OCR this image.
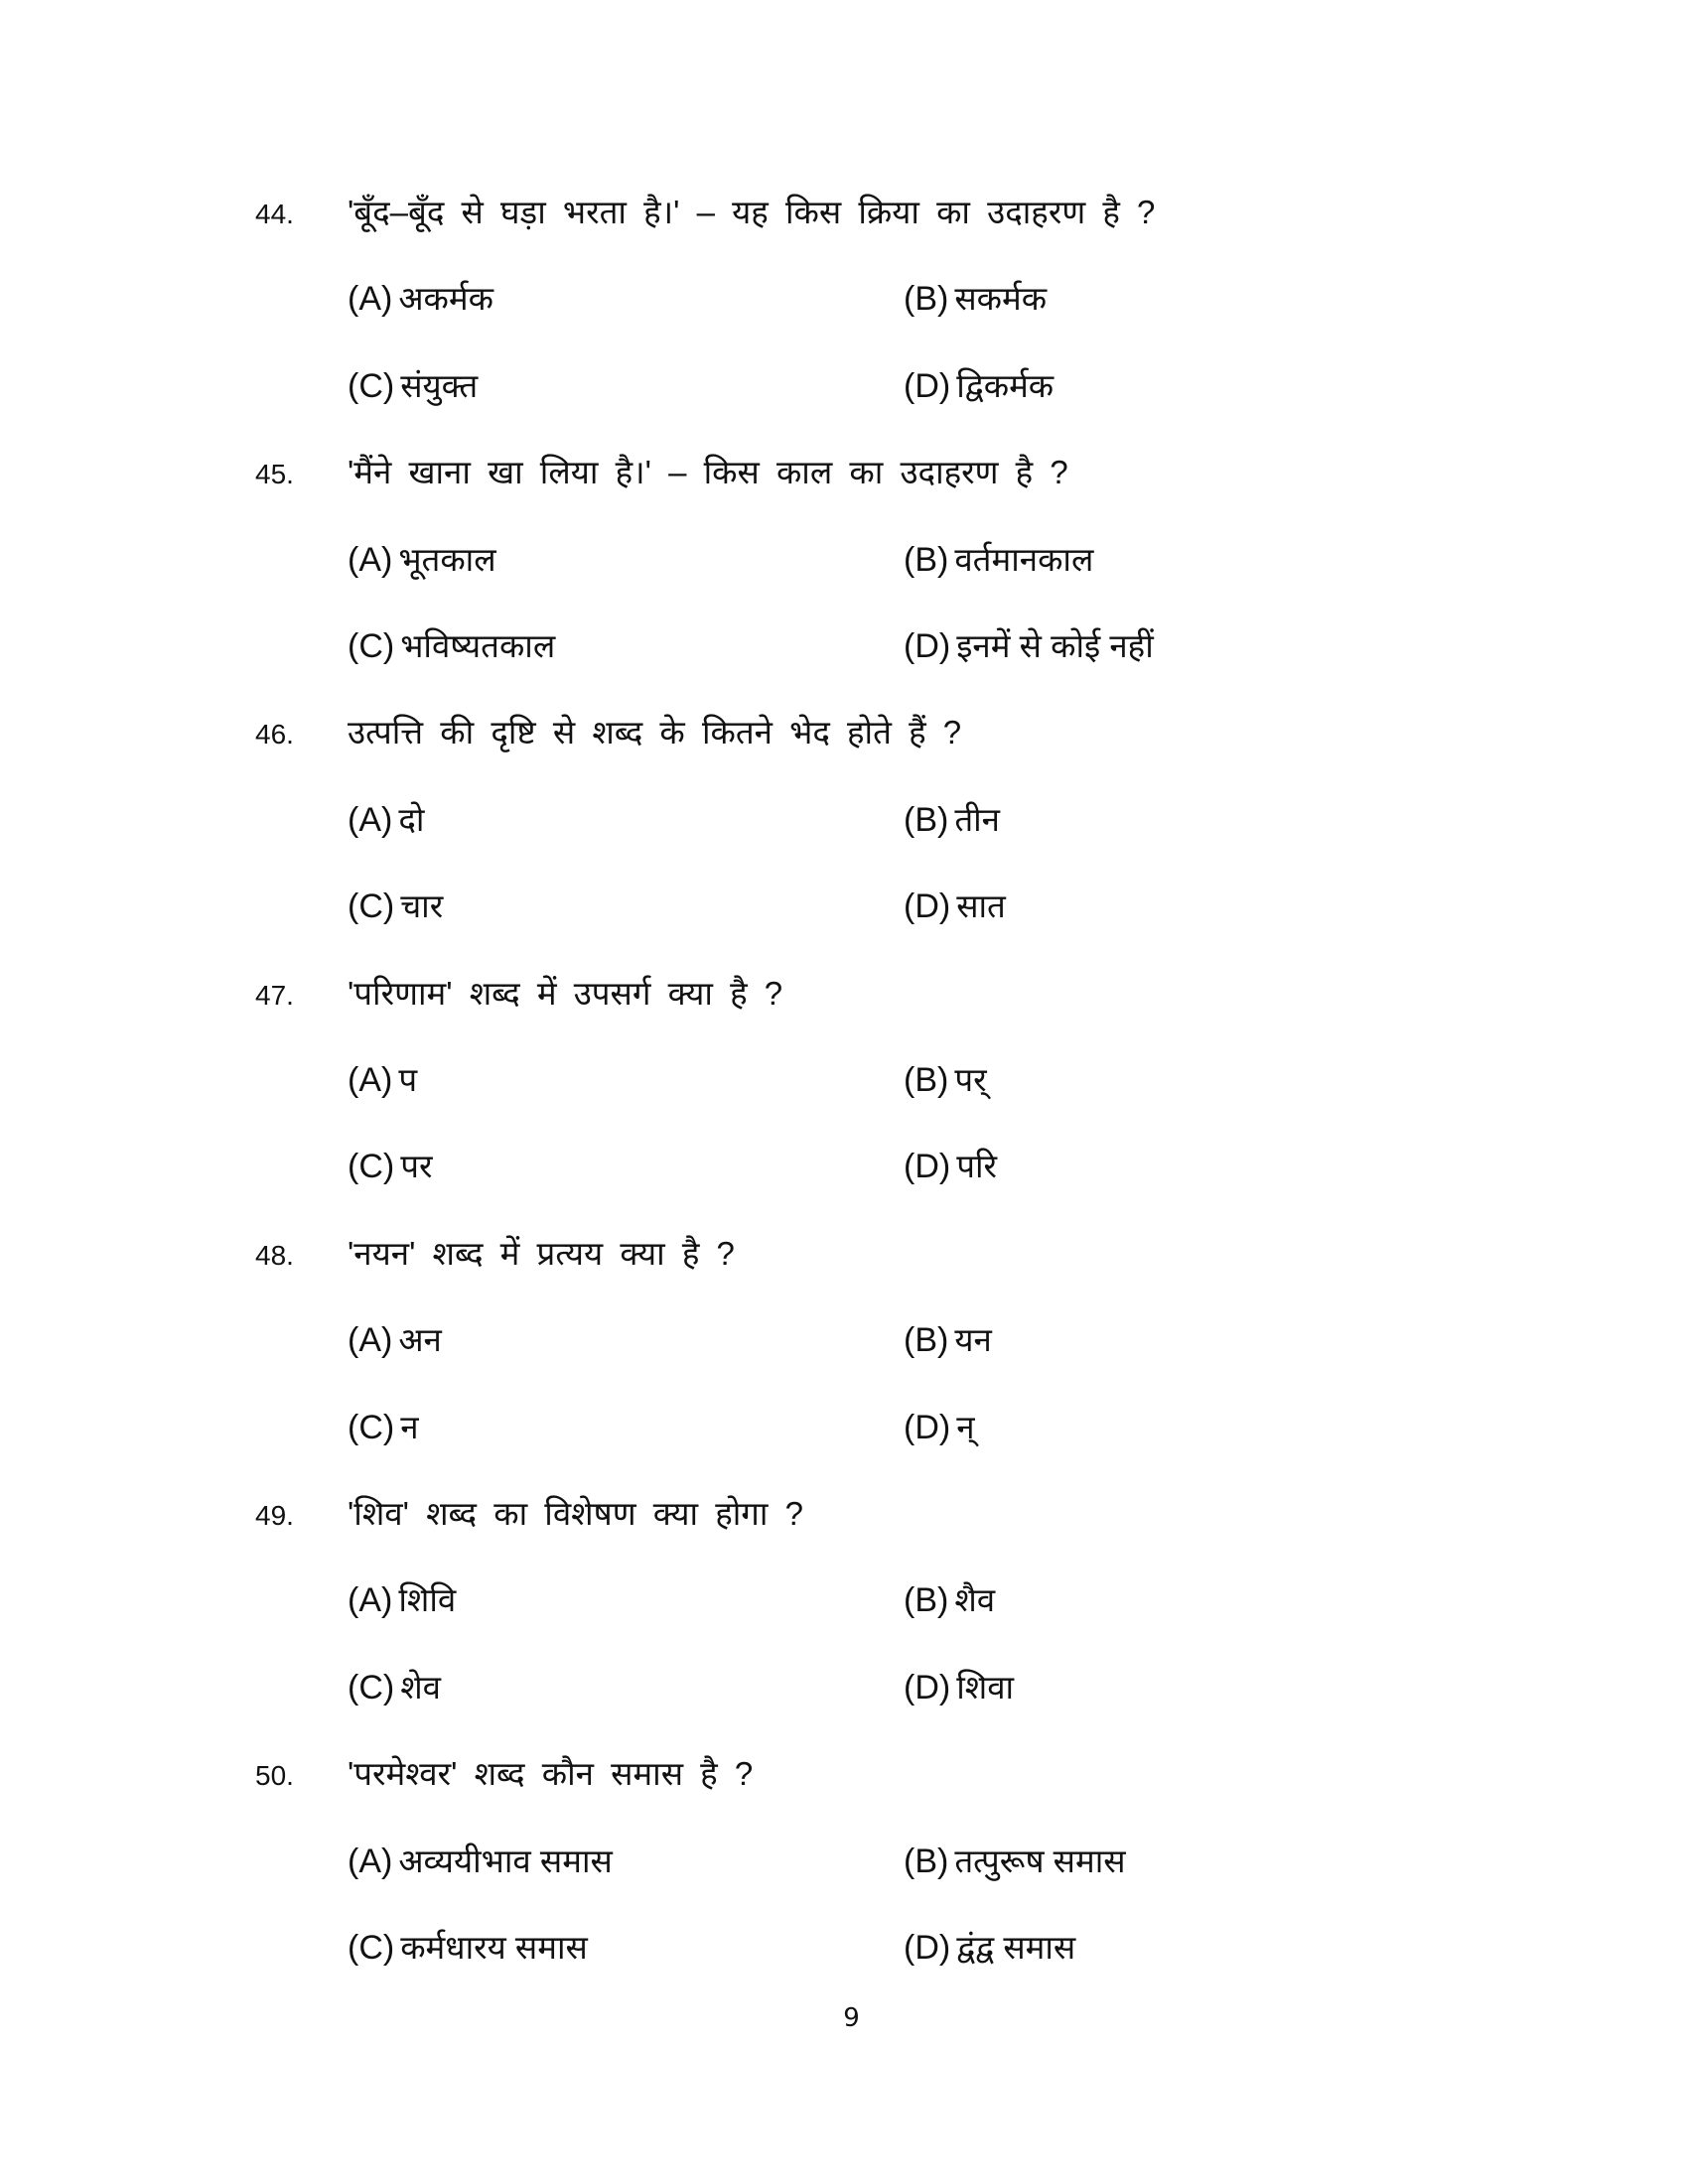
44. 'बूँद–बूँद से घड़ा भरता है।' – यह किस क्रिया का उदाहरण है ?
(A) अकर्मक	(B) सकर्मक
(C) संयुक्त	(D) द्विकर्मक
45. 'मैंने खाना खा लिया है।' – किस काल का उदाहरण है ?
(A) भूतकाल	(B) वर्तमानकाल
(C) भविष्यतकाल	(D) इनमें से कोई नहीं
46. उत्पत्ति की दृष्टि से शब्द के कितने भेद होते हैं ?
(A) दो	(B) तीन
(C) चार	(D) सात
47. 'परिणाम' शब्द में उपसर्ग क्या है ?
(A) प	(B) पर्
(C) पर	(D) परि
48. 'नयन' शब्द में प्रत्यय क्या है ?
(A) अन	(B) यन
(C) न	(D) न्
49. 'शिव' शब्द का विशेषण क्या होगा ?
(A) शिवि	(B) शैव
(C) शेव	(D) शिवा
50. 'परमेश्वर' शब्द कौन समास है ?
(A) अव्ययीभाव समास	(B) तत्पुरूष समास
(C) कर्मधारय समास	(D) द्वंद्व समास
9
